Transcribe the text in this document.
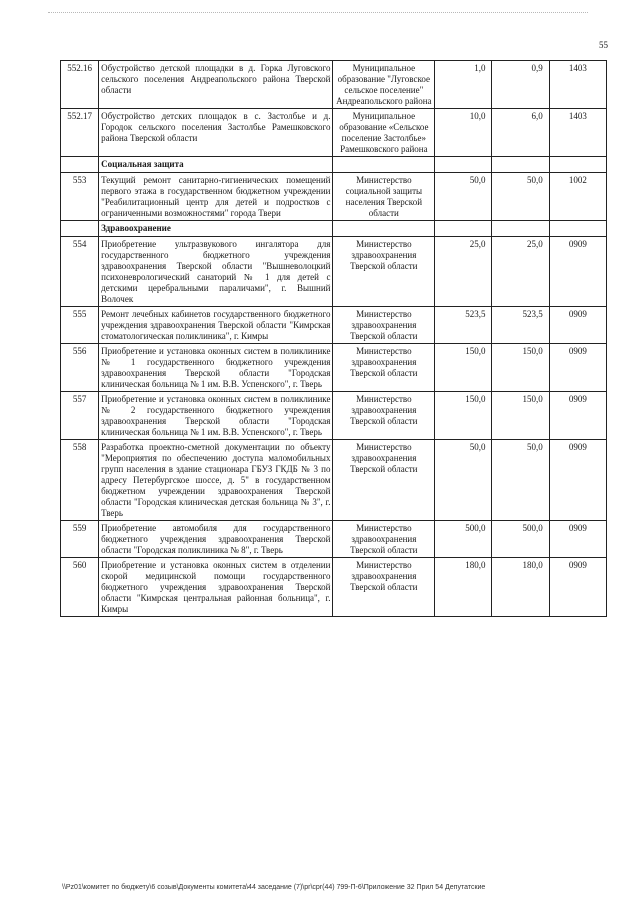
55
552.16	Обустройство детской площадки в д. Горка Луговского сельского поселения Андреапольского района Тверской области	Муниципальное образование "Луговское сельское поселение" Андреапольского района	1,0	0,9	1403
552.17	Обустройство детских площадок в с. Застолбье и д. Городок сельского поселения Застолбье Рамешковского района Тверской области	Муниципальное образование «Сельское поселение Застолбье» Рамешковского района	10,0	6,0	1403
	Социальная защита				
553	Текущий ремонт санитарно-гигиенических помещений первого этажа в государственном бюджетном учреждении "Реабилитационный центр для детей и подростков с ограниченными возможностями" города Твери	Министерство социальной защиты населения Тверской области	50,0	50,0	1002
	Здравоохранение				
554	Приобретение ультразвукового ингалятора для государственного бюджетного учреждения здравоохранения Тверской области "Вышневолоцкий психоневрологический санаторий № 1 для детей с детскими церебральными параличами", г. Вышний Волочек	Министерство здравоохранения Тверской области	25,0	25,0	0909
555	Ремонт лечебных кабинетов государственного бюджетного учреждения здравоохранения Тверской области "Кимрская стоматологическая поликлиника", г. Кимры	Министерство здравоохранения Тверской области	523,5	523,5	0909
556	Приобретение и установка оконных систем в поликлинике № 1 государственного бюджетного учреждения здравоохранения Тверской области "Городская клиническая больница № 1 им. В.В. Успенского", г. Тверь	Министерство здравоохранения Тверской области	150,0	150,0	0909
557	Приобретение и установка оконных систем в поликлинике № 2 государственного бюджетного учреждения здравоохранения Тверской области "Городская клиническая больница № 1 им. В.В. Успенского", г. Тверь	Министерство здравоохранения Тверской области	150,0	150,0	0909
558	Разработка проектно-сметной документации по объекту "Мероприятия по обеспечению доступа маломобильных групп населения в здание стационара ГБУЗ ГКДБ № 3 по адресу Петербургское шоссе, д. 5" в государственном бюджетном учреждении здравоохранения Тверской области "Городская клиническая детская больница № 3", г. Тверь	Министерство здравоохранения Тверской области	50,0	50,0	0909
559	Приобретение автомобиля для государственного бюджетного учреждения здравоохранения Тверской области "Городская поликлиника № 8", г. Тверь	Министерство здравоохранения Тверской области	500,0	500,0	0909
560	Приобретение и установка оконных систем в отделении скорой медицинской помощи государственного бюджетного учреждения здравоохранения Тверской области "Кимрская центральная районная больница", г. Кимры	Министерство здравоохранения Тверской области	180,0	180,0	0909
\\Pz01\комитет по бюджету\6 созыв\Документы комитета\44 заседание (7)\pr\cpr(44) 799-П-6\Приложение 32 Прил 54 Депутатские
